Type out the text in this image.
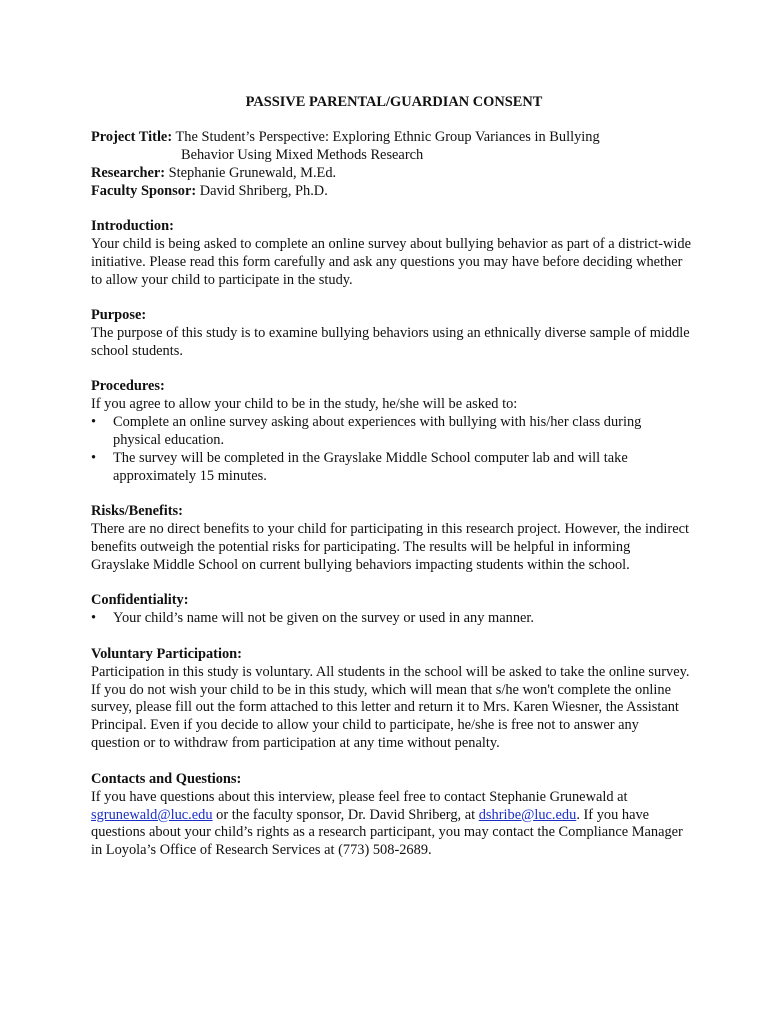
PASSIVE PARENTAL/GUARDIAN CONSENT
Project Title: The Student’s Perspective: Exploring Ethnic Group Variances in Bullying
Behavior Using Mixed Methods Research
Researcher: Stephanie Grunewald, M.Ed.
Faculty Sponsor: David Shriberg, Ph.D.
Introduction:

Your child is being asked to complete an online survey about bullying behavior as part of a district-wide initiative. Please read this form carefully and ask any questions you may have before deciding whether to allow your child to participate in the study.

Purpose:

The purpose of this study is to examine bullying behaviors using an ethnically diverse sample of middle school students.

Procedures:

If you agree to allow your child to be in the study, he/she will be asked to:

• Complete an online survey asking about experiences with bullying with his/her class during physical education.
• The survey will be completed in the Grayslake Middle School computer lab and will take approximately 15 minutes.
Risks/Benefits:

There are no direct benefits to your child for participating in this research project. However, the indirect benefits outweigh the potential risks for participating. The results will be helpful in informing Grayslake Middle School on current bullying behaviors impacting students within the school.

Confidentiality:
• Your child’s name will not be given on the survey or used in any manner.
Voluntary Participation:

Participation in this study is voluntary. All students in the school will be asked to take the online survey. If you do not wish your child to be in this study, which will mean that s/he won't complete the online survey, please fill out the form attached to this letter and return it to Mrs. Karen Wiesner, the Assistant Principal. Even if you decide to allow your child to participate, he/she is free not to answer any question or to withdraw from participation at any time without penalty.

Contacts and Questions:

If you have questions about this interview, please feel free to contact Stephanie Grunewald at sgrunewald@luc.edu or the faculty sponsor, Dr. David Shriberg, at dshribe@luc.edu. If you have questions about your child’s rights as a research participant, you may contact the Compliance Manager in Loyola’s Office of Research Services at (773) 508-2689.
